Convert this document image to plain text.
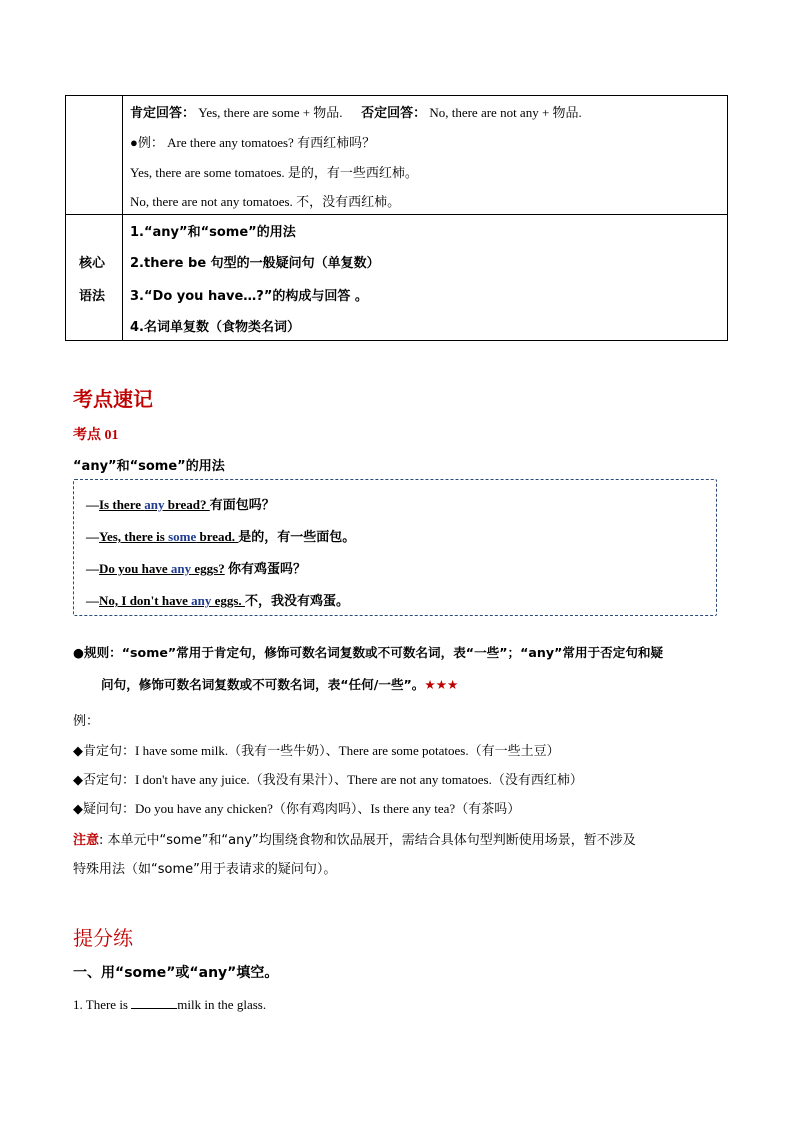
肯定回答： Yes, there are some + 物品. 否定回答： No, there are not any + 物品.
●例： Are there any tomatoes? 有西红柿吗？
Yes, there are some tomatoes. 是的，有一些西红柿。
No, there are not any tomatoes. 不，没有西红柿。
核心
语法
1.“any”和“some”的用法
2.there be 句型的一般疑问句（单复数）
3.“Do you have…?”的构成与回答 。
4.名词单复数（食物类名词）
考点速记
考点 01
“any”和“some”的用法
—Is there any bread? 有面包吗？
—Yes, there is some bread. 是的，有一些面包。
—Do you have any eggs? 你有鸡蛋吗？
—No, I don't have any eggs. 不，我没有鸡蛋。
●规则：“some”常用于肯定句，修饰可数名词复数或不可数名词，表“一些”；“any”常用于否定句和疑
问句，修饰可数名词复数或不可数名词，表“任何/一些”。★★★
例：
◆肯定句：I have some milk.（我有一些牛奶）、There are some potatoes.（有一些土豆）
◆否定句：I don't have any juice.（我没有果汁）、There are not any tomatoes.（没有西红柿）
◆疑问句：Do you have any chicken?（你有鸡肉吗）、Is there any tea?（有茶吗）
注意: 本单元中“some”和“any”均围绕食物和饮品展开，需结合具体句型判断使用场景，暂不涉及
特殊用法（如“some”用于表请求的疑问句）。
提分练
一、用“some”或“any”填空。
1. There is	milk in the glass.
